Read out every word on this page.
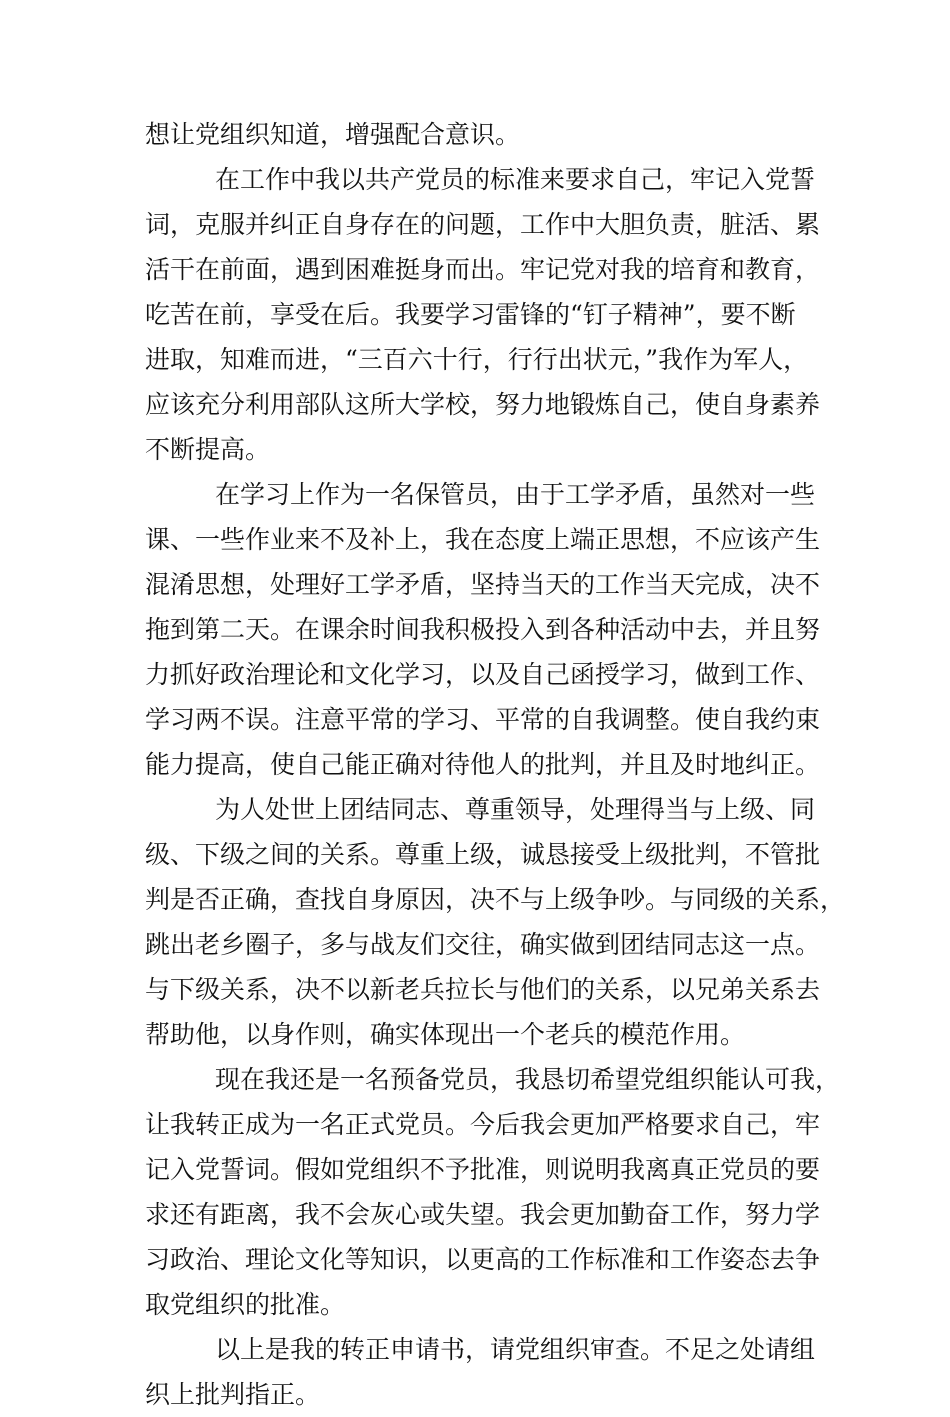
想让党组织知道，增强配合意识。
在工作中我以共产党员的标准来要求自己，牢记入党誓
词，克服并纠正自身存在的问题，工作中大胆负责，脏活、累
活干在前面，遇到困难挺身而出。牢记党对我的培育和教育，
吃苦在前，享受在后。我要学习雷锋的“钉子精神”，要不断
进取，知难而进，“三百六十行，行行出状元，”我作为军人，
应该充分利用部队这所大学校，努力地锻炼自己，使自身素养
不断提高。
在学习上作为一名保管员，由于工学矛盾，虽然对一些
课、一些作业来不及补上，我在态度上端正思想，不应该产生
混淆思想，处理好工学矛盾，坚持当天的工作当天完成，决不
拖到第二天。在课余时间我积极投入到各种活动中去，并且努
力抓好政治理论和文化学习，以及自己函授学习，做到工作、
学习两不误。注意平常的学习、平常的自我调整。使自我约束
能力提高，使自己能正确对待他人的批判，并且及时地纠正。
为人处世上团结同志、尊重领导，处理得当与上级、同
级、下级之间的关系。尊重上级，诚恳接受上级批判，不管批
判是否正确，查找自身原因，决不与上级争吵。与同级的关系，
跳出老乡圈子，多与战友们交往，确实做到团结同志这一点。
与下级关系，决不以新老兵拉长与他们的关系，以兄弟关系去
帮助他，以身作则，确实体现出一个老兵的模范作用。
现在我还是一名预备党员，我恳切希望党组织能认可我，
让我转正成为一名正式党员。今后我会更加严格要求自己，牢
记入党誓词。假如党组织不予批准，则说明我离真正党员的要
求还有距离，我不会灰心或失望。我会更加勤奋工作，努力学
习政治、理论文化等知识，以更高的工作标准和工作姿态去争
取党组织的批准。
以上是我的转正申请书，请党组织审查。不足之处请组
织上批判指正。
